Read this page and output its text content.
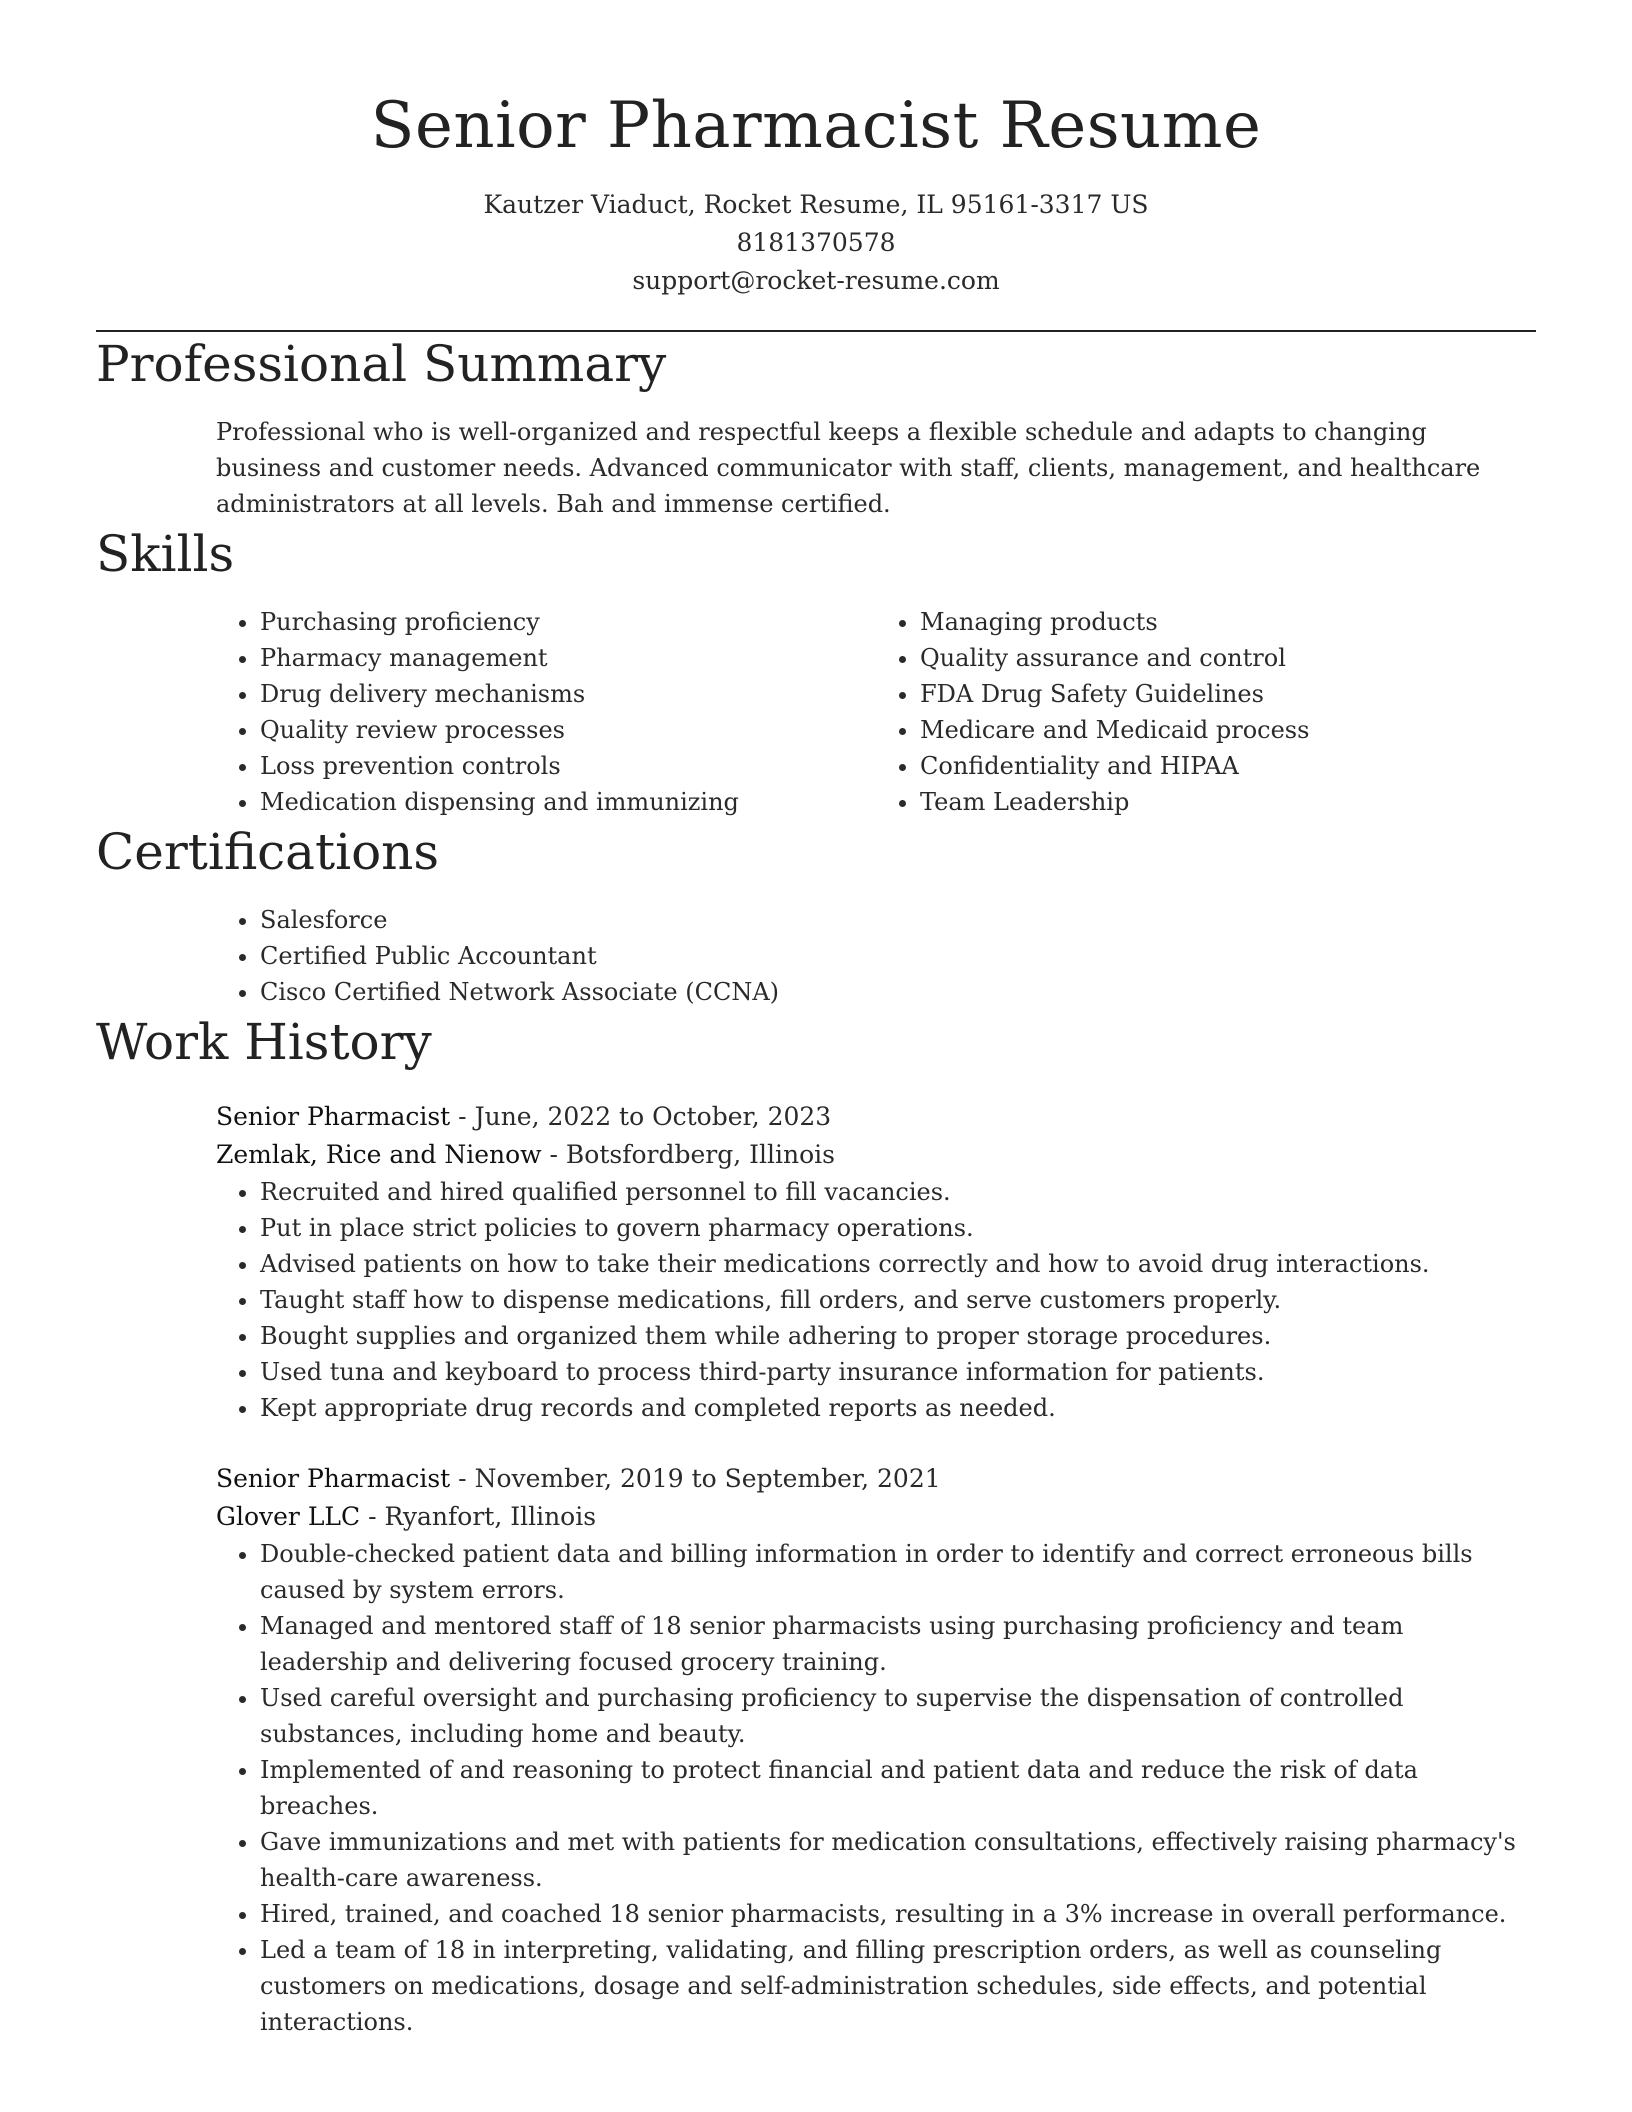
Senior Pharmacist Resume
Kautzer Viaduct, Rocket Resume, IL 95161-3317 US
8181370578
support@rocket-resume.com
Professional Summary

Professional who is well-organized and respectful keeps a flexible schedule and adapts to changing business and customer needs. Advanced communicator with staff, clients, management, and healthcare administrators at all levels. Bah and immense certified.

Skills
• Purchasing proficiency
• Pharmacy management
• Drug delivery mechanisms
• Quality review processes
• Loss prevention controls
• Medication dispensing and immunizing
• Managing products
• Quality assurance and control
• FDA Drug Safety Guidelines
• Medicare and Medicaid process
• Confidentiality and HIPAA
• Team Leadership
Certifications
• Salesforce
• Certified Public Accountant
• Cisco Certified Network Associate (CCNA)
Work History
Senior Pharmacist - June, 2022 to October, 2023
Zemlak, Rice and Nienow - Botsfordberg, Illinois
• Recruited and hired qualified personnel to fill vacancies.
• Put in place strict policies to govern pharmacy operations.
• Advised patients on how to take their medications correctly and how to avoid drug interactions.
• Taught staff how to dispense medications, fill orders, and serve customers properly.
• Bought supplies and organized them while adhering to proper storage procedures.
• Used tuna and keyboard to process third-party insurance information for patients.
• Kept appropriate drug records and completed reports as needed.
Senior Pharmacist - November, 2019 to September, 2021
Glover LLC - Ryanfort, Illinois
• Double-checked patient data and billing information in order to identify and correct erroneous bills caused by system errors.
• Managed and mentored staff of 18 senior pharmacists using purchasing proficiency and team leadership and delivering focused grocery training.
• Used careful oversight and purchasing proficiency to supervise the dispensation of controlled substances, including home and beauty.
• Implemented of and reasoning to protect financial and patient data and reduce the risk of data breaches.
• Gave immunizations and met with patients for medication consultations, effectively raising pharmacy's health-care awareness.
• Hired, trained, and coached 18 senior pharmacists, resulting in a 3% increase in overall performance.
• Led a team of 18 in interpreting, validating, and filling prescription orders, as well as counseling customers on medications, dosage and self-administration schedules, side effects, and potential interactions.
